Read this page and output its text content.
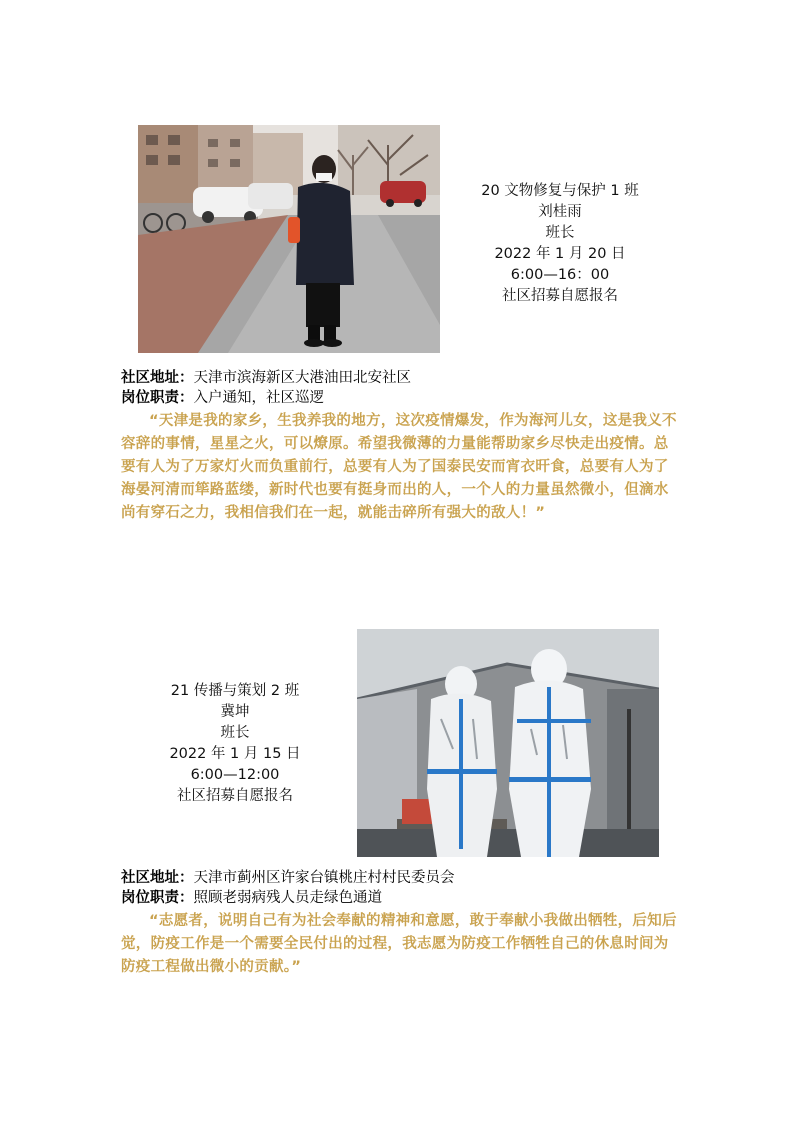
20 文物修复与保护 1 班
刘桂雨
班长
2022 年 1 月 20 日
6:00—16：00
社区招募自愿报名
社区地址：天津市滨海新区大港油田北安社区
岗位职责：入户通知，社区巡逻
“天津是我的家乡，生我养我的地方，这次疫情爆发，作为海河儿女，这是我义不容辞的事情，星星之火，可以燎原。希望我微薄的力量能帮助家乡尽快走出疫情。总要有人为了万家灯火而负重前行，总要有人为了国泰民安而宵衣旰食，总要有人为了海晏河清而筚路蓝缕，新时代也要有挺身而出的人，一个人的力量虽然微小，但滴水尚有穿石之力，我相信我们在一起，就能击碎所有强大的敌人！”
21 传播与策划 2 班
冀坤
班长
2022 年 1 月 15 日
6:00—12:00
社区招募自愿报名
社区地址：天津市蓟州区许家台镇桃庄村村民委员会
岗位职责：照顾老弱病残人员走绿色通道
“志愿者，说明自己有为社会奉献的精神和意愿，敢于奉献小我做出牺牲，后知后觉，防疫工作是一个需要全民付出的过程，我志愿为防疫工作牺牲自己的休息时间为防疫工程做出微小的贡献。”
